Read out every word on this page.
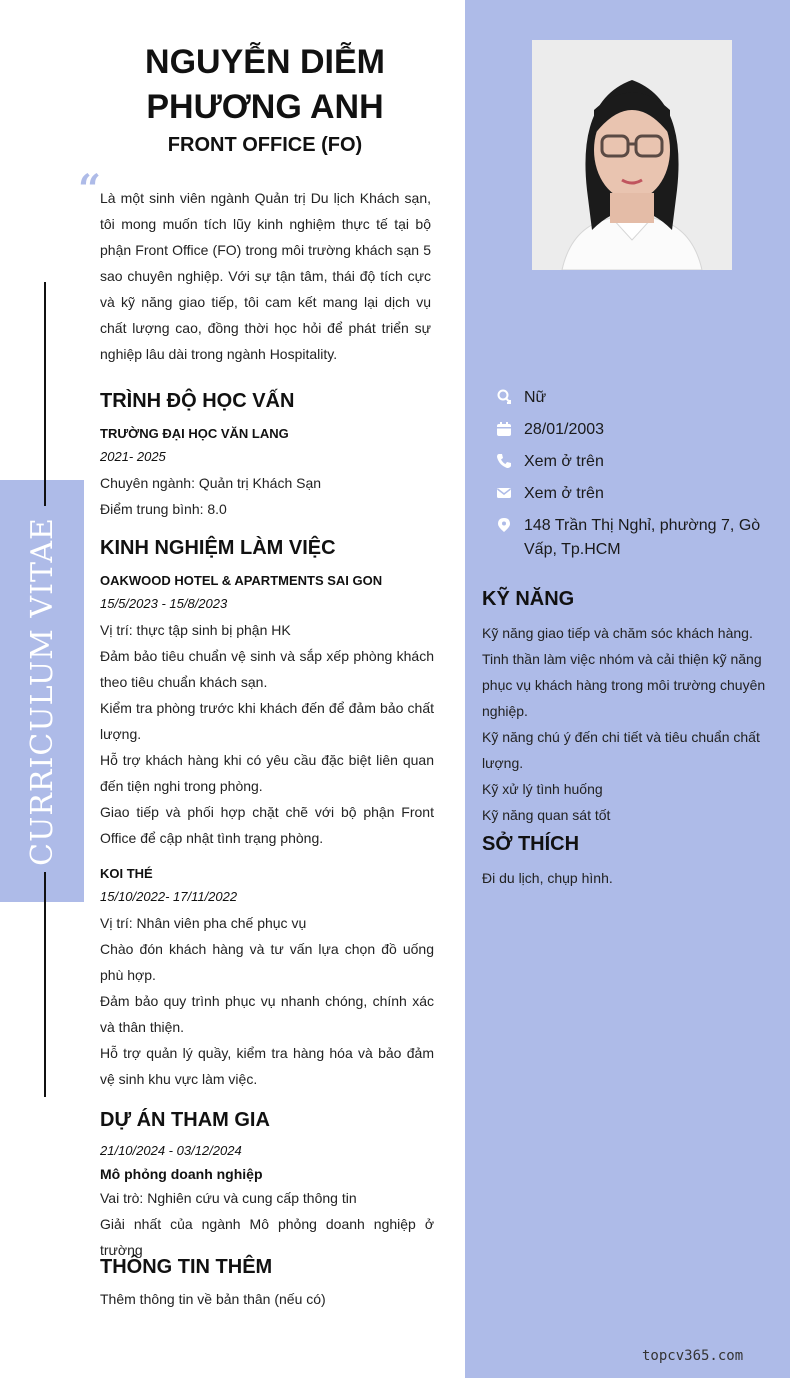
CURRICULUM VITAE
NGUYỄN DIỄM PHƯƠNG ANH
FRONT OFFICE (FO)
“
Là một sinh viên ngành Quản trị Du lịch Khách sạn, tôi mong muốn tích lũy kinh nghiệm thực tế tại bộ phận Front Office (FO) trong môi trường khách sạn 5 sao chuyên nghiệp. Với sự tận tâm, thái độ tích cực và kỹ năng giao tiếp, tôi cam kết mang lại dịch vụ chất lượng cao, đồng thời học hỏi để phát triển sự nghiệp lâu dài trong ngành Hospitality.
TRÌNH ĐỘ HỌC VẤN
TRƯỜNG ĐẠI HỌC VĂN LANG
2021- 2025
Chuyên ngành: Quản trị Khách Sạn
Điểm trung bình: 8.0
KINH NGHIỆM LÀM VIỆC
OAKWOOD HOTEL & APARTMENTS SAI GON
15/5/2023 - 15/8/2023
Vị trí: thực tập sinh bị phận HK
Đảm bảo tiêu chuẩn vệ sinh và sắp xếp phòng khách theo tiêu chuẩn khách sạn.
Kiểm tra phòng trước khi khách đến để đảm bảo chất lượng.
Hỗ trợ khách hàng khi có yêu cầu đặc biệt liên quan đến tiện nghi trong phòng.
Giao tiếp và phối hợp chặt chẽ với bộ phận Front Office để cập nhật tình trạng phòng.
KOI THÉ
15/10/2022- 17/11/2022
Vị trí: Nhân viên pha chế phục vụ
Chào đón khách hàng và tư vấn lựa chọn đồ uống phù hợp.
Đảm bảo quy trình phục vụ nhanh chóng, chính xác và thân thiện.
Hỗ trợ quản lý quầy, kiểm tra hàng hóa và bảo đảm vệ sinh khu vực làm việc.
DỰ ÁN THAM GIA
21/10/2024 - 03/12/2024
Mô phỏng doanh nghiệp
Vai trò: Nghiên cứu và cung cấp thông tin
Giải nhất của ngành Mô phỏng doanh nghiệp ở trường
THÔNG TIN THÊM
Thêm thông tin về bản thân (nếu có)
Nữ
28/01/2003
Xem ở trên
Xem ở trên
148 Trần Thị Nghỉ, phường 7, Gò Vấp, Tp.HCM
KỸ NĂNG
Kỹ năng giao tiếp và chăm sóc khách hàng.
Tinh thần làm việc nhóm và cải thiện kỹ năng phục vụ khách hàng trong môi trường chuyên nghiệp.
Kỹ năng chú ý đến chi tiết và tiêu chuẩn chất lượng.
Kỹ xử lý tình huống
Kỹ năng quan sát tốt
SỞ THÍCH
Đi du lịch, chụp hình.
topcv365.com
